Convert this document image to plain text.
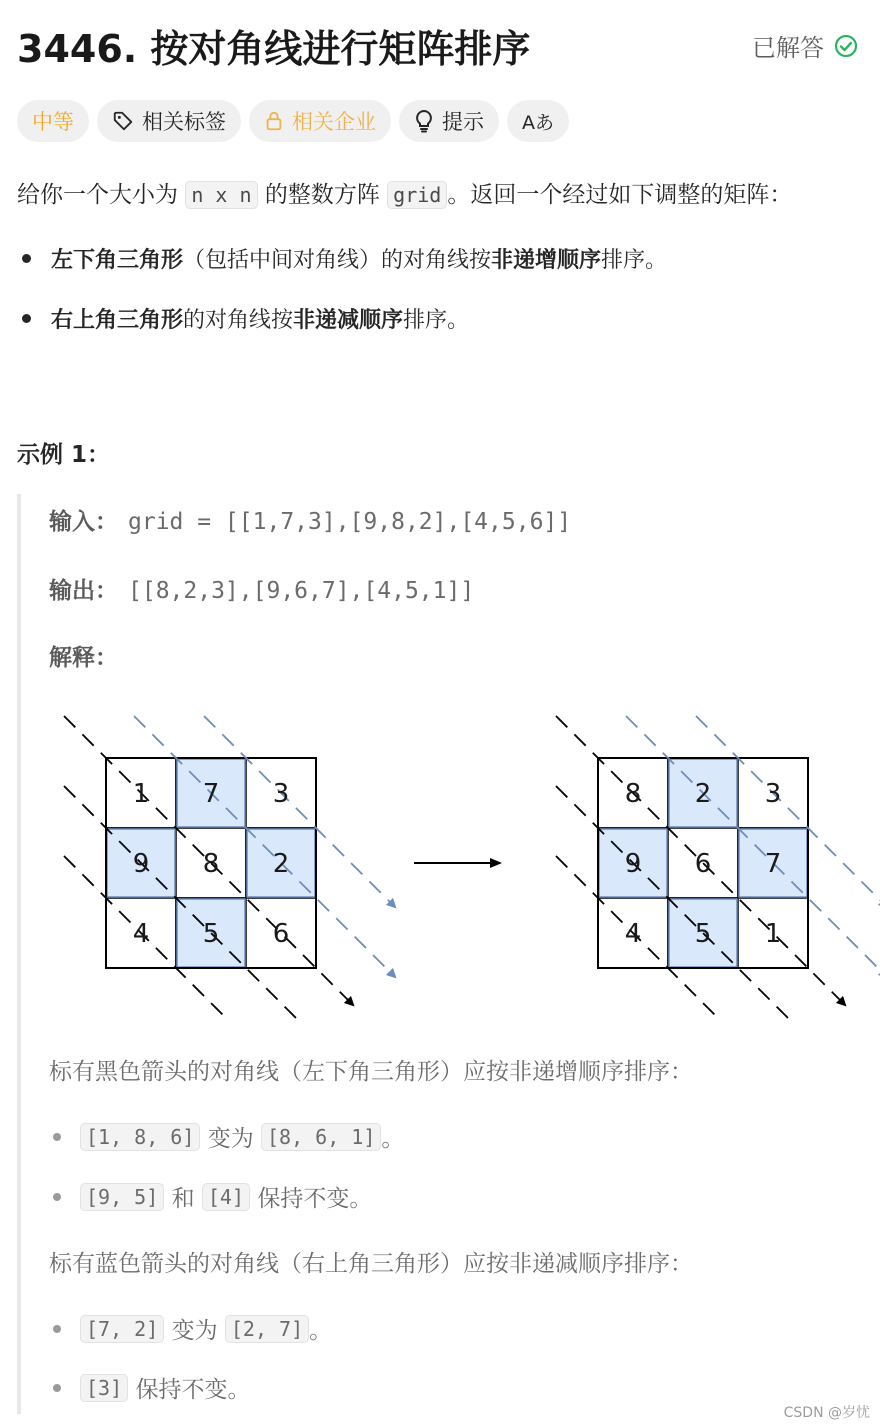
3446. 按对角线进行矩阵排序	已解答
中等	相关标签	相关企业	提示 Aあ
给你一个大小为 n x n 的整数方阵 grid 。返回一个经过如下调整的矩阵：
左下角三角形 （包括中间对角线）的对角线按 非递增顺序 排序。
右上角三角形 的对角线按 非递减顺序 排序。
示例 1：
输入： grid = [[1,7,3],[9,8,2],[4,5,6]]
输出： [[8,2,3],[9,6,7],[4,5,1]]
解释：
1 7 3
9 8 2
4 5 6
8 2 3
9 6 7
4 5 1
标有黑色箭头的对角线（左下角三角形）应按非递增顺序排序：
[1, 8, 6]
变为
[8, 6, 1] 。
[9, 5]
和
[4]
保持不变。
标有蓝色箭头的对角线（右上角三角形）应按非递减顺序排序：
[7, 2]
变为
[2, 7] 。
[3]
保持不变。
CSDN @岁忧
